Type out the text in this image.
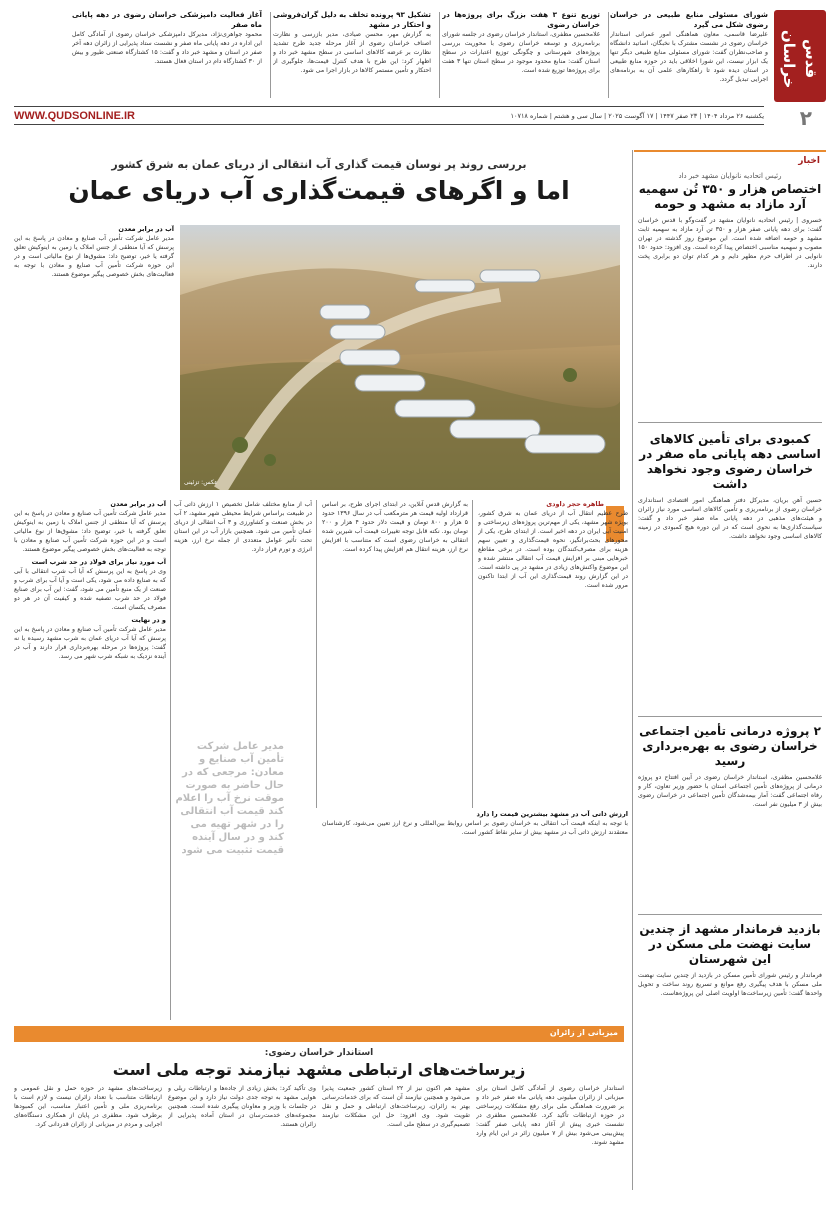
قدس خراسان
۲
شورای مسئولی منابع طبیعی در خراسان رضوی شکل می گیرد
علیرضا قاسمی، معاون هماهنگی امور عمرانی استاندار خراسان رضوی در نشست مشترک با نخبگان، اساتید دانشگاه و صاحب‌نظران گفت: شورای مسئولی منابع طبیعی دیگر تنها یک ابزار نیست، این شورا اخلاقی باید در حوزه منابع طبیعی در استان دیده شود تا راهکارهای علمی آن به برنامه‌های اجرایی تبدیل گردد.
توزیع تنوع ۳ هفت بزرگ برای پروژه‌ها در خراسان رضوی
غلامحسین مظفری، استاندار خراسان رضوی در جلسه شورای برنامه‌ریزی و توسعه خراسان رضوی با محوریت بررسی پروژه‌های شهرستانی و چگونگی توزیع اعتبارات در سطح استان گفت: منابع محدود موجود در سطح استان تنها ۳ هفت برای پروژه‌ها توزیع شده است.
تشکیل ۹۳ پرونده تخلف به دلیل گران‌فروشی و احتکار در مشهد
به گزارش مهر، محسن صیادی، مدیر بازرسی و نظارت اصناف خراسان رضوی از آغاز مرحله جدید طرح تشدید نظارت بر عرضه کالاهای اساسی در سطح مشهد خبر داد و اظهار کرد: این طرح با هدف کنترل قیمت‌ها، جلوگیری از احتکار و تأمین مستمر کالاها در بازار اجرا می شود.
آغاز فعالیت دامپزشکی خراسان رضوی در دهه پایانی ماه صفر
محمود جواهری‌نژاد، مدیرکل دامپزشکی خراسان رضوی از آمادگی کامل این اداره در دهه پایانی ماه صفر و نشست ستاد پذیرایی از زائران دهه آخر صفر در استان و مشهد خبر داد و گفت: ۱۵ کشتارگاه صنعتی طیور و بیش از ۳۰ کشتارگاه دام در استان فعال هستند.
WWW.QUDSONLINE.IR	یکشنبه ۲۶ مرداد ۱۴۰۴ | ۲۳ صفر ۱۴۴۷ | ۱۷ آگوست ۲۰۲۵ | سال سی و هشتم | شماره ۱۰۷۱۸
اخبار
رئیس اتحادیه نانوایان مشهد خبر داد
اختصاص هزار و ۳۵۰ تُن سهمیه آرد مازاد به مشهد و حومه
خسروی | رئیس اتحادیه نانوایان مشهد در گفت‌وگو با قدس خراسان گفت: برای دهه پایانی صفر هزار و ۳۵۰ تن آرد مازاد به سهمیه ثابت مشهد و حومه اضافه شده است. این موضوع روز گذشته در تهران مصوب و سهمیه مناسبی اختصاص پیدا کرده است. وی افزود: حدود ۱۵۰ نانوایی در اطراف حرم مطهر دایم و هر کدام توان دو برابری پخت دارند.
کمبودی برای تأمین کالاهای اساسی دهه پایانی ماه صفر در خراسان رضوی وجود نخواهد داشت
حسین آهن بریان، مدیرکل دفتر هماهنگی امور اقتصادی استانداری خراسان رضوی از برنامه‌ریزی و تأمین کالاهای اساسی مورد نیاز زائران و هیئت‌های مذهبی در دهه پایانی ماه صفر خبر داد و گفت: سیاست‌گذاری‌ها به نحوی است که در این دوره هیچ کمبودی در زمینه کالاهای اساسی وجود نخواهد داشت.
۲ پروژه درمانی تأمین اجتماعی خراسان رضوی به بهره‌برداری رسید
غلامحسین مظفری، استاندار خراسان رضوی در آیین افتتاح دو پروژه درمانی از پروژه‌های تأمین اجتماعی استان با حضور وزیر تعاون، کار و رفاه اجتماعی گفت: آمار بیمه‌شدگان تأمین اجتماعی در خراسان رضوی بیش از ۳ میلیون نفر است.
بازدید فرماندار مشهد از چندین سایت نهضت ملی مسکن در این شهرستان
فرماندار و رئیس شورای تأمین مسکن در بازدید از چندین سایت نهضت ملی مسکن با هدف پیگیری رفع موانع و تسریع روند ساخت و تحویل واحدها گفت: تأمین زیرساخت‌ها اولویت اصلی این پروژه‌هاست.
بررسی روند پر نوسان قیمت گذاری آب انتقالی از دریای عمان به شرق کشور
اما و اگرهای قیمت‌گذاری آب دریای عمان
عکس: تزئینی
طاهره حجر داودی
طرح عظیم انتقال آب از دریای عمان به شرق کشور، بویژه شهر مشهد، یکی از مهم‌ترین پروژه‌های زیرساختی و امنیت آبی ایران در دهه اخیر است. از ابتدای طرح، یکی از محورهای بحث‌برانگیز، نحوه قیمت‌گذاری و تعیین سهم هزینه برای مصرف‌کنندگان بوده است. در برخی مقاطع خبرهایی مبنی بر افزایش قیمت آب انتقالی منتشر شده و این موضوع واکنش‌های زیادی در مشهد در پی داشته است. در این گزارش روند قیمت‌گذاری این آب از ابتدا تاکنون مرور شده است.
به گزارش قدس آنلاین، در ابتدای اجرای طرح، بر اساس قرارداد اولیه قیمت هر مترمکعب آب در سال ۱۳۹۶ حدود ۵ هزار و ۸۰۰ تومان و قیمت دلار حدود ۴ هزار و ۲۰۰ تومان بود. نکته قابل توجه تغییرات قیمت آب شیرین شده انتقالی به خراسان رضوی است که متناسب با افزایش نرخ ارز، هزینه انتقال هم افزایش پیدا کرده است.
آب از منابع مختلف شامل تخصیص ۱ ارزش ذاتی آب در طبیعت براساس شرایط محیطی شهر مشهد، ۲ آب در بخش صنعت و کشاورزی و ۳ آب انتقالی از دریای عمان تأمین می شود. همچنین بازار آب در این استان تحت تأثیر عوامل متعددی از جمله نرخ ارز، هزینه انرژی و تورم قرار دارد.
مدیر عامل شرکت تأمین آب صنایع و معادن: مرجعی که در حال حاضر به صورت موقت نرخ آب را اعلام کند قیمت آب انتقالی را در شهر تهیه می کند و در سال آینده قیمت تثبیت می شود
ارزش ذاتی آب در مشهد بیشترین قیمت را دارد
با توجه به اینکه قیمت آب انتقالی به خراسان رضوی بر اساس روابط بین‌المللی و نرخ ارز تعیین می‌شود، کارشناسان معتقدند ارزش ذاتی آب در مشهد بیش از سایر نقاط کشور است.
آب در برابر معدن
مدیر عامل شرکت تأمین آب صنایع و معادن در پاسخ به این پرسش که آیا منطقی از جنس املاک یا زمین به اینوکیش تعلق گرفته یا خیر، توضیح داد: مشوق‌ها از نوع مالیاتی است و در این حوزه شرکت تأمین آب صنایع و معادن با توجه به فعالیت‌های بخش خصوصی پیگیر موضوع هستند.
آب مورد نیاز برای فولاد در حد شرب است
وی در پاسخ به این پرسش که آیا آب شرب انتقالی با آبی که به صنایع داده می شود، یکی است و آیا آب برای شرب و صنعت از یک منبع تأمین می شود، گفت: این آب برای صنایع فولاد در حد شرب تصفیه شده و کیفیت آن در هر دو مصرف یکسان است.
و در نهایت
مدیر عامل شرکت تأمین آب صنایع و معادن در پاسخ به این پرسش که آیا آب دریای عمان به شرب مشهد رسیده یا نه گفت: پروژه‌ها در مرحله بهره‌برداری قرار دارند و آب در آینده نزدیک به شبکه شرب شهر می رسد.
آب در برابر معدن
مدیر عامل شرکت تأمین آب صنایع و معادن در پاسخ به این پرسش که آیا منطقی از جنس املاک یا زمین به اینوکیش تعلق گرفته یا خیر، توضیح داد: مشوق‌ها از نوع مالیاتی است و در این حوزه شرکت تأمین آب صنایع و معادن با توجه به فعالیت‌های بخش خصوصی پیگیر موضوع هستند.
میزبانی از زائران
استاندار خراسان رضوی:
زیرساخت‌های ارتباطی مشهد نیازمند توجه ملی است
استاندار خراسان رضوی از آمادگی کامل استان برای میزبانی از زائران میلیونی دهه پایانی ماه صفر خبر داد و بر ضرورت هماهنگی ملی برای رفع مشکلات زیرساختی در حوزه ارتباطات تأکید کرد. غلامحسین مظفری در نشست خبری پیش از آغاز دهه پایانی صفر گفت: پیش‌بینی می‌شود بیش از ۷ میلیون زائر در این ایام وارد مشهد شوند.
مشهد هم اکنون نیز از ۲۲ استان کشور جمعیت پذیرا می‌شود و همچنین نیازمند آن است که برای خدمات‌رسانی بهتر به زائران، زیرساخت‌های ارتباطی و حمل و نقل تقویت شود. وی افزود: حل این مشکلات نیازمند تصمیم‌گیری در سطح ملی است.
وی تأکید کرد: بخش زیادی از جاده‌ها و ارتباطات ریلی و هوایی مشهد به توجه جدی دولت نیاز دارد و این موضوع در جلسات با وزیر و معاونان پیگیری شده است. همچنین مجموعه‌های خدمت‌رسان در استان آماده پذیرایی از زائران هستند.
زیرساخت‌های مشهد در حوزه حمل و نقل عمومی و ارتباطات متناسب با تعداد زائران نیست و لازم است با برنامه‌ریزی ملی و تأمین اعتبار مناسب، این کمبودها برطرف شود. مظفری در پایان از همکاری دستگاه‌های اجرایی و مردم در میزبانی از زائران قدردانی کرد.
